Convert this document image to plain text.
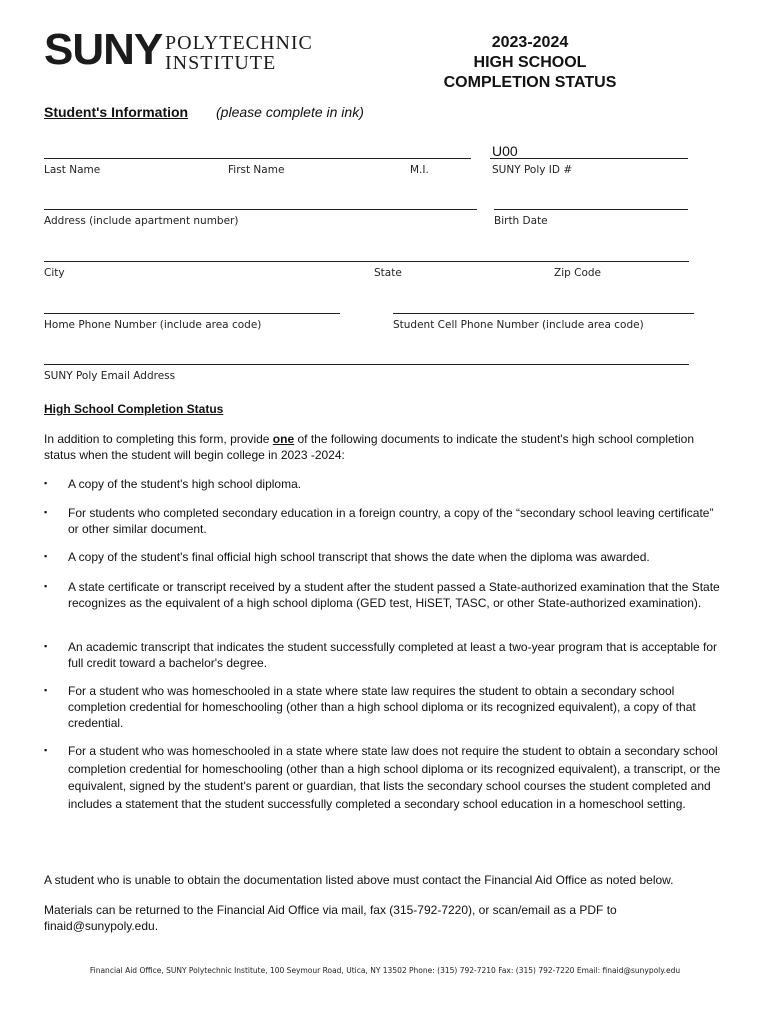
SUNY POLYTECHNIC
INSTITUTE
2023-2024
HIGH SCHOOL
COMPLETION STATUS
Student's Information (please complete in ink)
U00
Last Name	First Name	M.I.	SUNY Poly ID #
Address (include apartment number)	Birth Date
City	State	Zip Code
Home Phone Number (include area code)	Student Cell Phone Number (include area code)
SUNY Poly Email Address
High School Completion Status
In addition to completing this form, provide one of the following documents to indicate the student's high school completion status when the student will begin college in 2023 -2024:
▪ A copy of the student's high school diploma.
▪ For students who completed secondary education in a foreign country, a copy of the “secondary school leaving certificate” or other similar document.
▪ A copy of the student's final official high school transcript that shows the date when the diploma was awarded.
▪ A state certificate or transcript received by a student after the student passed a State-authorized examination that the State recognizes as the equivalent of a high school diploma (GED test, HiSET, TASC, or other State-authorized examination).
▪ An academic transcript that indicates the student successfully completed at least a two-year program that is acceptable for full credit toward a bachelor's degree.
▪ For a student who was homeschooled in a state where state law requires the student to obtain a secondary school completion credential for homeschooling (other than a high school diploma or its recognized equivalent), a copy of that credential.
▪ For a student who was homeschooled in a state where state law does not require the student to obtain a secondary school completion credential for homeschooling (other than a high school diploma or its recognized equivalent), a transcript, or the equivalent, signed by the student's parent or guardian, that lists the secondary school courses the student completed and includes a statement that the student successfully completed a secondary school education in a homeschool setting.
A student who is unable to obtain the documentation listed above must contact the Financial Aid Office as noted below.
Materials can be returned to the Financial Aid Office via mail, fax (315-792-7220), or scan/email as a PDF to finaid@sunypoly.edu.
Financial Aid Office, SUNY Polytechnic Institute, 100 Seymour Road, Utica, NY 13502 Phone: (315) 792-7210 Fax: (315) 792-7220 Email: finaid@sunypoly.edu
